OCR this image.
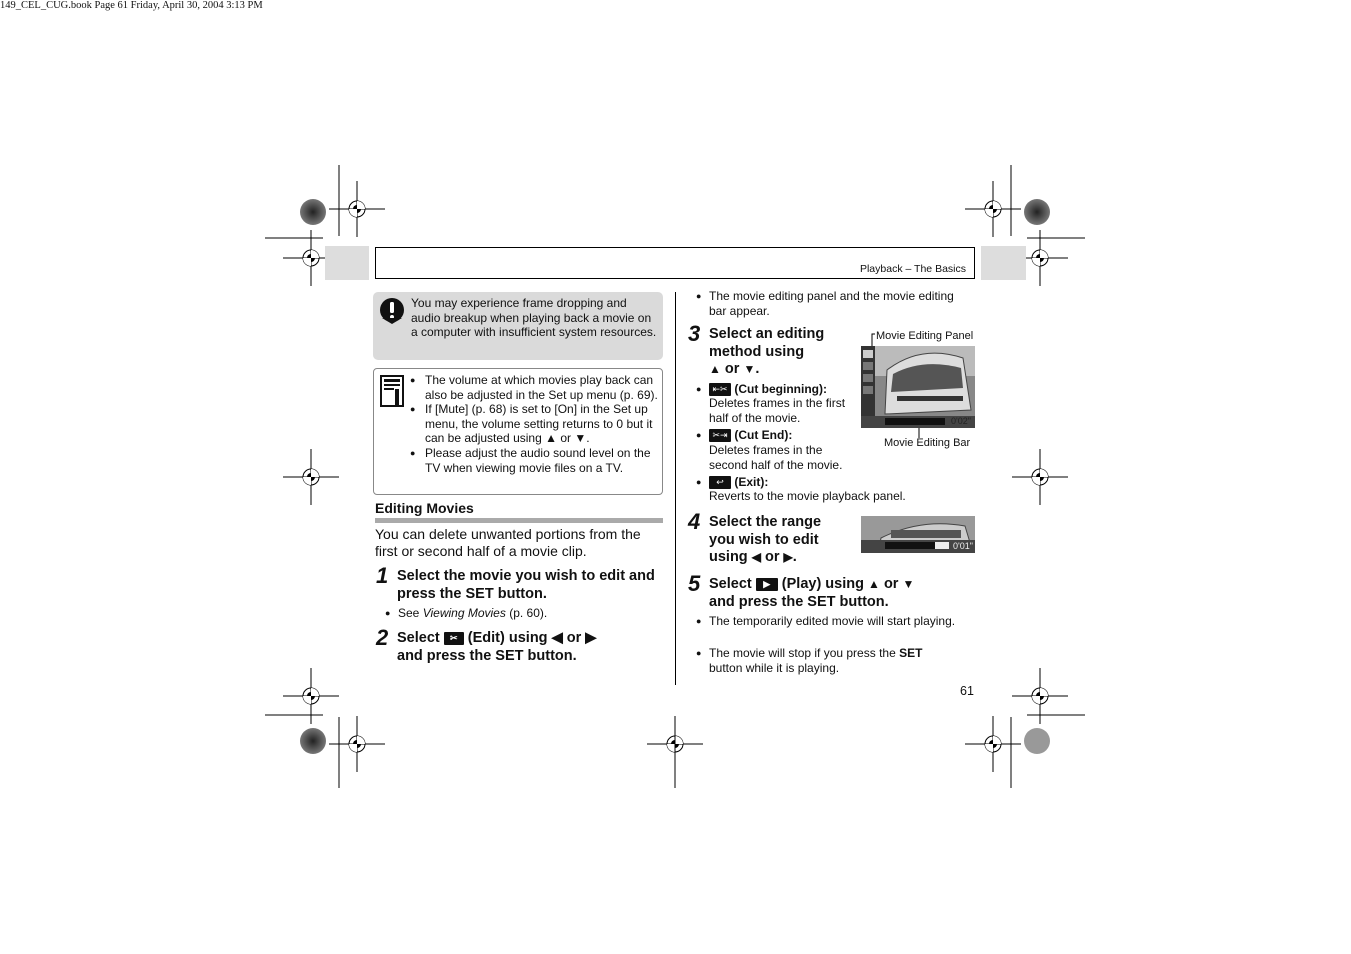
149_CEL_CUG.book Page 61 Friday, April 30, 2004 3:13 PM
Playback – The Basics
You may experience frame dropping and audio breakup when playing back a movie on a computer with insufficient system resources.
● The volume at which movies play back can also be adjusted in the Set up menu (p. 69).
● If [Mute] (p. 68) is set to [On] in the Set up menu, the volume setting returns to 0 but it can be adjusted using ▲ or ▼.
● Please adjust the audio sound level on the TV when viewing movie files on a TV.
Editing Movies
You can delete unwanted portions from the first or second half of a movie clip.
1 Select the movie you wish to edit and press the SET button.
● See Viewing Movies (p. 60).
2 Select ✂ (Edit) using ◀ or ▶
and press the SET button.
● The movie editing panel and the movie editing bar appear.
3 Select an editing
method using
▲ or ▼.
● ⇤✂ (Cut beginning):
Deletes frames in the first half of the movie.
● ✂⇥ (Cut End):
Deletes frames in the second half of the movie.
● ↩ (Exit):
Reverts to the movie playback panel.
Movie Editing Panel
0'02"
Movie Editing Bar
4 Select the range
you wish to edit
using ◀ or ▶.
0'01"
5 Select ▶ (Play) using ▲ or ▼
and press the SET button.
● The temporarily edited movie will start playing.
● The movie will stop if you press the SET button while it is playing.
61
